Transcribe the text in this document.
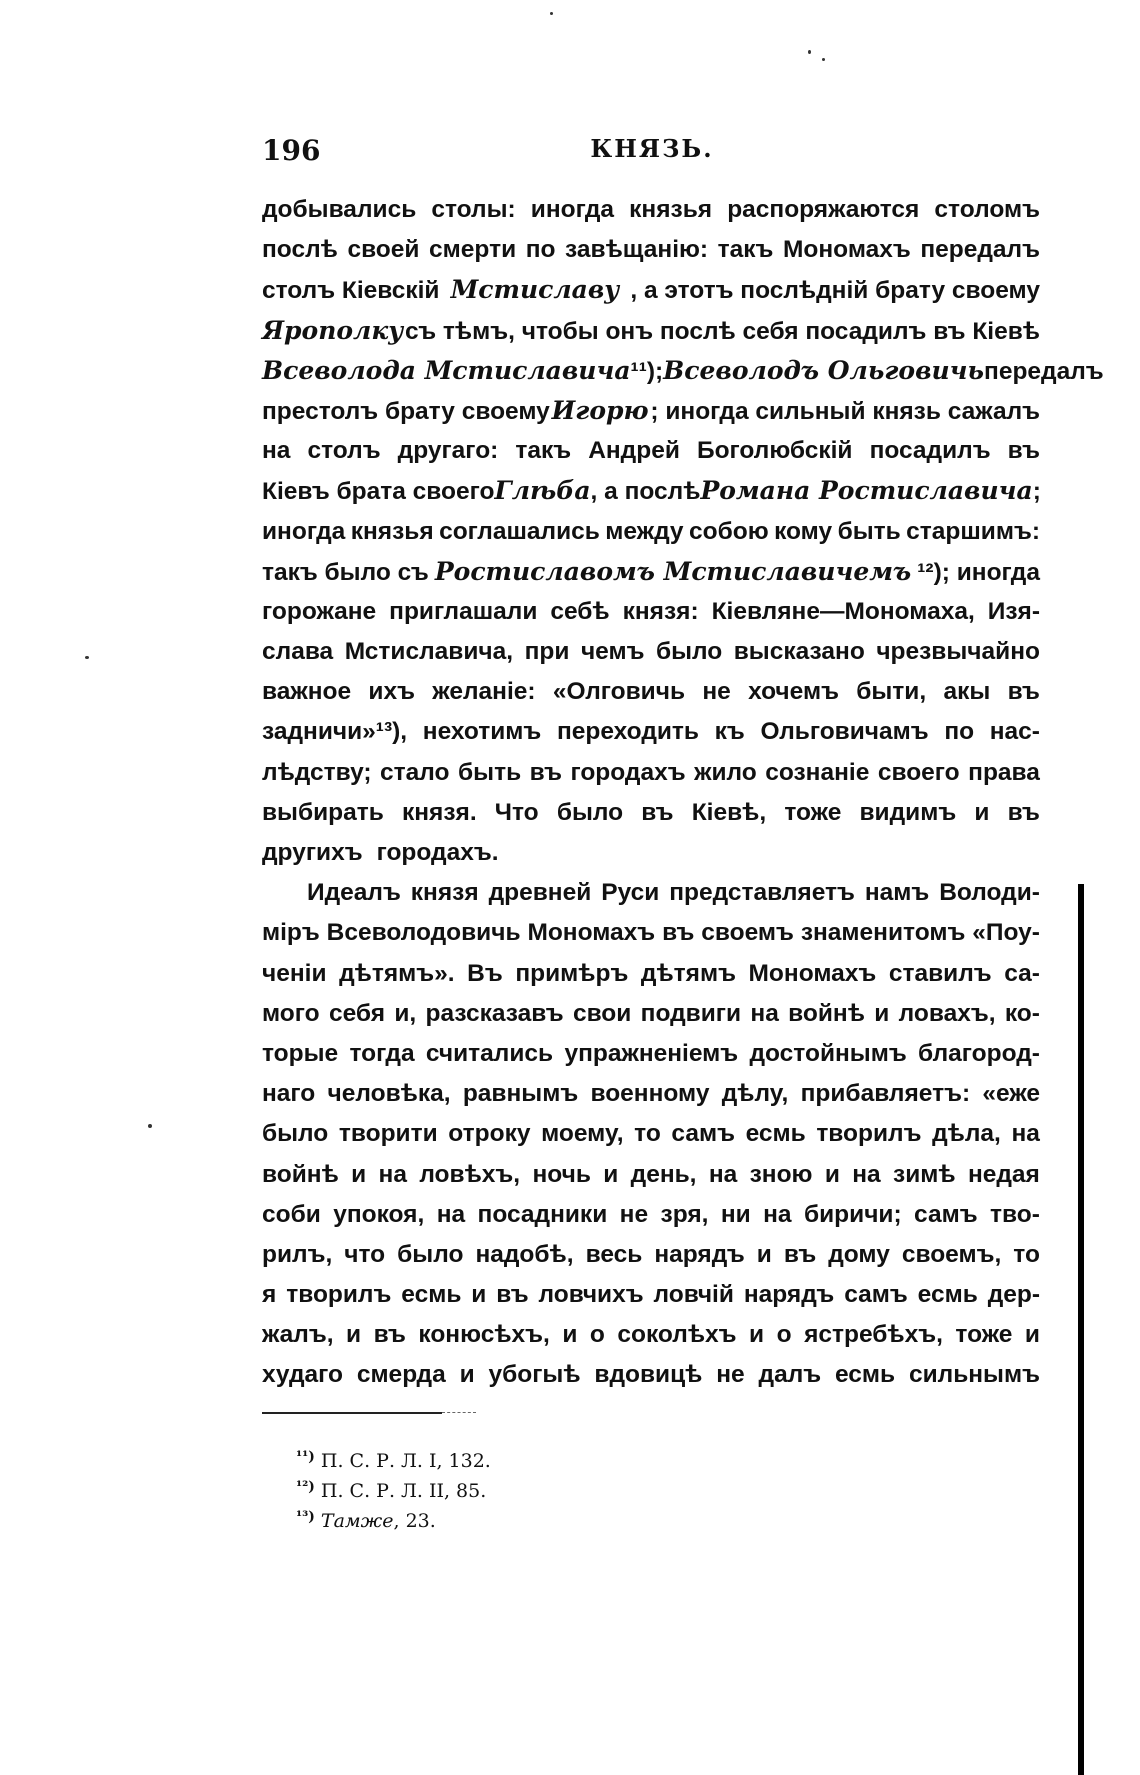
196	КНЯЗЬ.
добывались столы: иногда князья распоряжаются столомъ
послѣ своей смерти по завѣщанію: такъ Мономахъ передалъ
столъ Кіевскій Мстиславу , а этотъ послѣдній брату своему
Ярополку съ тѣмъ, чтобы онъ послѣ себя посадилъ въ Кіевѣ
Всеволода Мстиславича ¹¹); Всеволодъ Ольговичь передалъ
престолъ брату своему Игорю ; иногда сильный князь сажалъ
на столъ другаго: такъ Андрей Боголюбскій посадилъ въ
Кіевъ брата своего Глѣба , а послѣ Романа Ростиславича ;
иногда князья соглашались между собою кому быть старшимъ:
такъ было съ Ростиславомъ Мстиславичемъ ¹²); иногда
горожане приглашали себѣ князя: Кіевляне—Мономаха, Изя-
слава Мстиславича, при чемъ было высказано чрезвычайно
важное ихъ желаніе: «Олговичь не хочемъ быти, акы въ
задничи»¹³), нехотимъ переходить къ Ольговичамъ по нас-
лѣдству; стало быть въ городахъ жило сознаніе своего права
выбирать князя. Что было въ Кіевѣ, тоже видимъ и въ
другихъ городахъ.
Идеалъ князя древней Руси представляетъ намъ Володи-
міръ Всеволодовичь Мономахъ въ своемъ знаменитомъ «Поу-
ченіи дѣтямъ». Въ примѣръ дѣтямъ Мономахъ ставилъ са-
мого себя и, разсказавъ свои подвиги на войнѣ и ловахъ, ко-
торые тогда считались упражненіемъ достойнымъ благород-
наго человѣка, равнымъ военному дѣлу, прибавляетъ: «еже
было творити отроку моему, то самъ есмь творилъ дѣла, на
войнѣ и на ловѣхъ, ночь и день, на зною и на зимѣ недая
соби упокоя, на посадники не зря, ни на биричи; самъ тво-
рилъ, что было надобѣ, весь нарядъ и въ дому своемъ, то
я творилъ есмь и въ ловчихъ ловчій нарядъ самъ есмь дер-
жалъ, и въ конюсѣхъ, и о соколѣхъ и о ястребѣхъ, тоже и
худаго смерда и убогыѣ вдовицѣ не далъ есмь сильнымъ
$^{^{11})}$ П. С. Р. Л. I, 132.
$^{^{12})}$ П. С. Р. Л. II, 85.
$^{^{13})}$ Тамже, 23.
